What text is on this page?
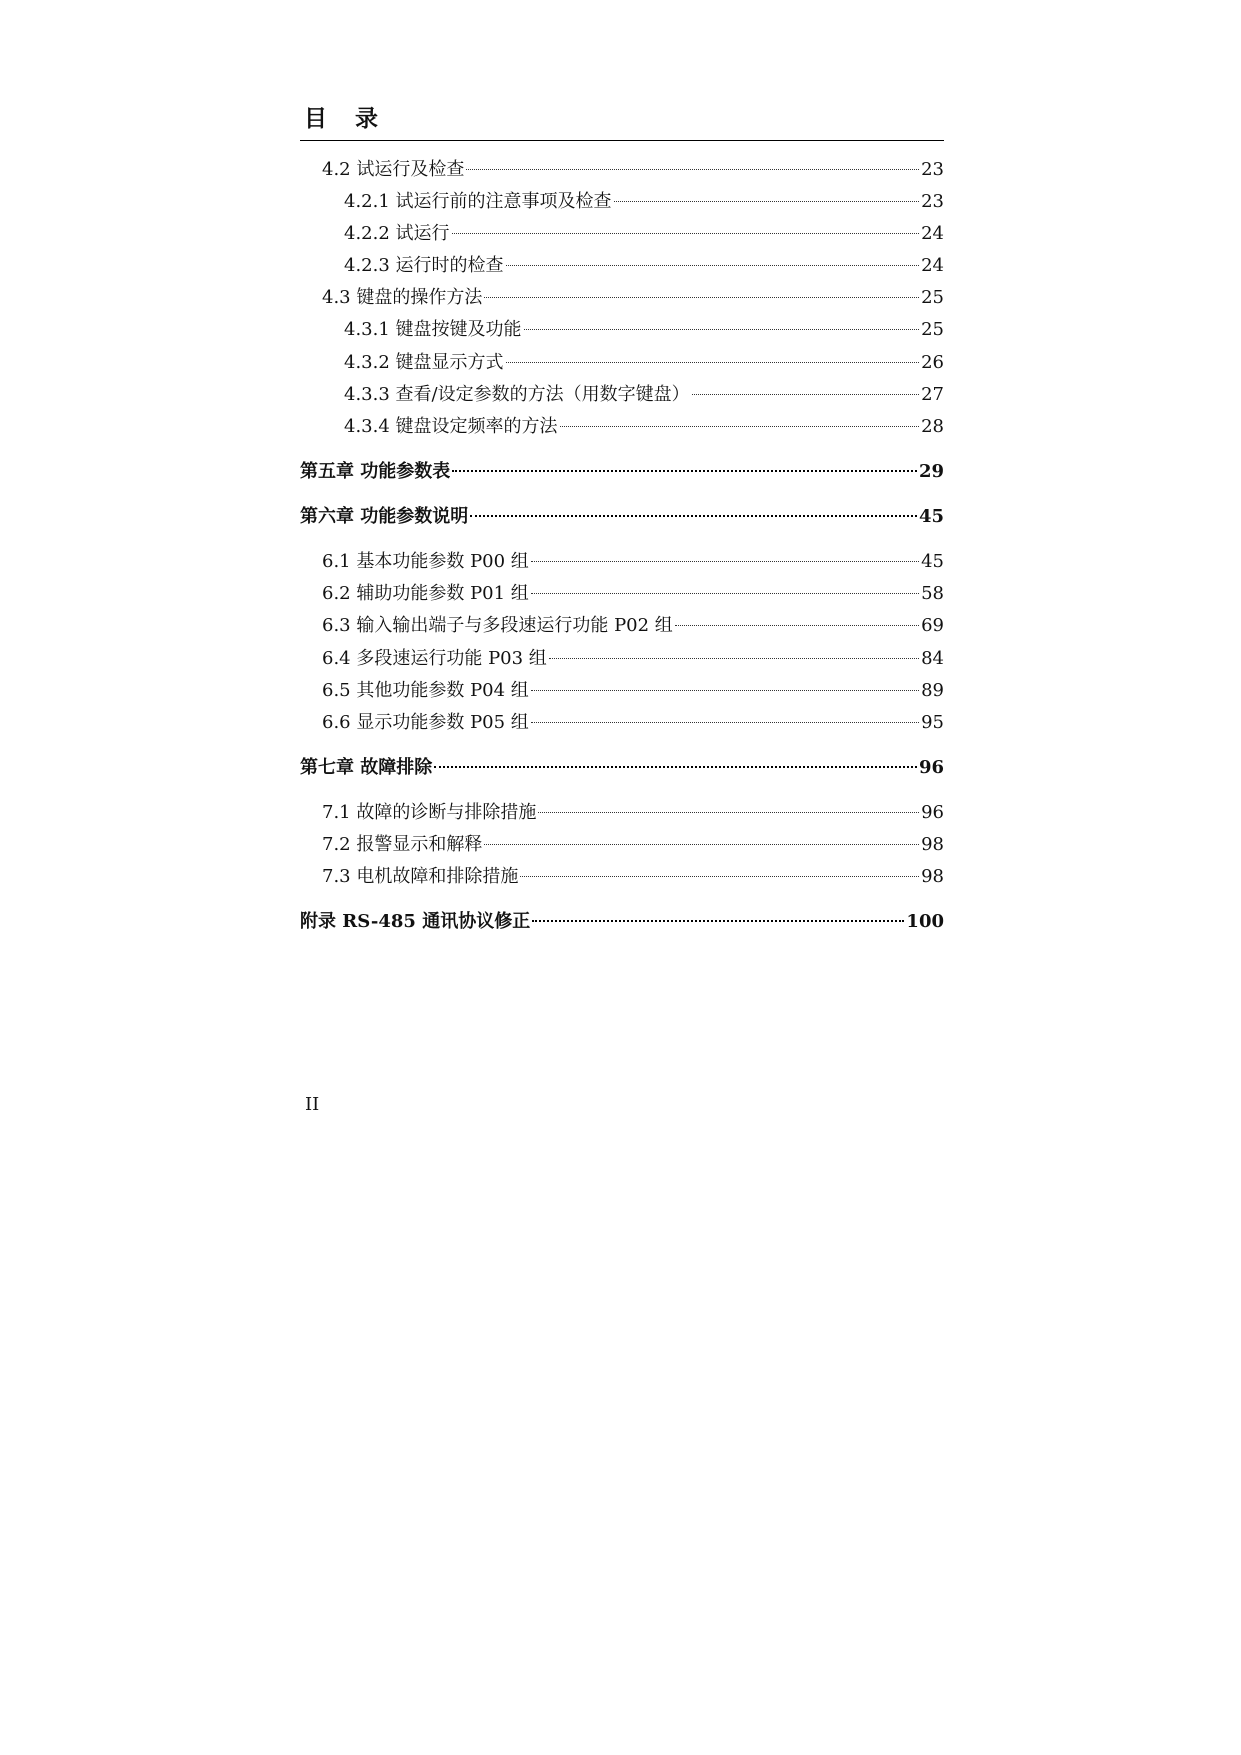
目 录
4.2 试运行及检查	23
4.2.1 试运行前的注意事项及检查	23
4.2.2 试运行	24
4.2.3 运行时的检查	24
4.3 键盘的操作方法	25
4.3.1 键盘按键及功能	25
4.3.2 键盘显示方式	26
4.3.3 查看/设定参数的方法（用数字键盘）	27
4.3.4 键盘设定频率的方法	28
第五章 功能参数表	29
第六章 功能参数说明	45
6.1 基本功能参数 P00 组	45
6.2 辅助功能参数 P01 组	58
6.3 输入输出端子与多段速运行功能 P02 组	69
6.4 多段速运行功能 P03 组	84
6.5 其他功能参数 P04 组	89
6.6 显示功能参数 P05 组	95
第七章 故障排除	96
7.1 故障的诊断与排除措施	96
7.2 报警显示和解释	98
7.3 电机故障和排除措施	98
附录 RS-485 通讯协议修正	100
II
